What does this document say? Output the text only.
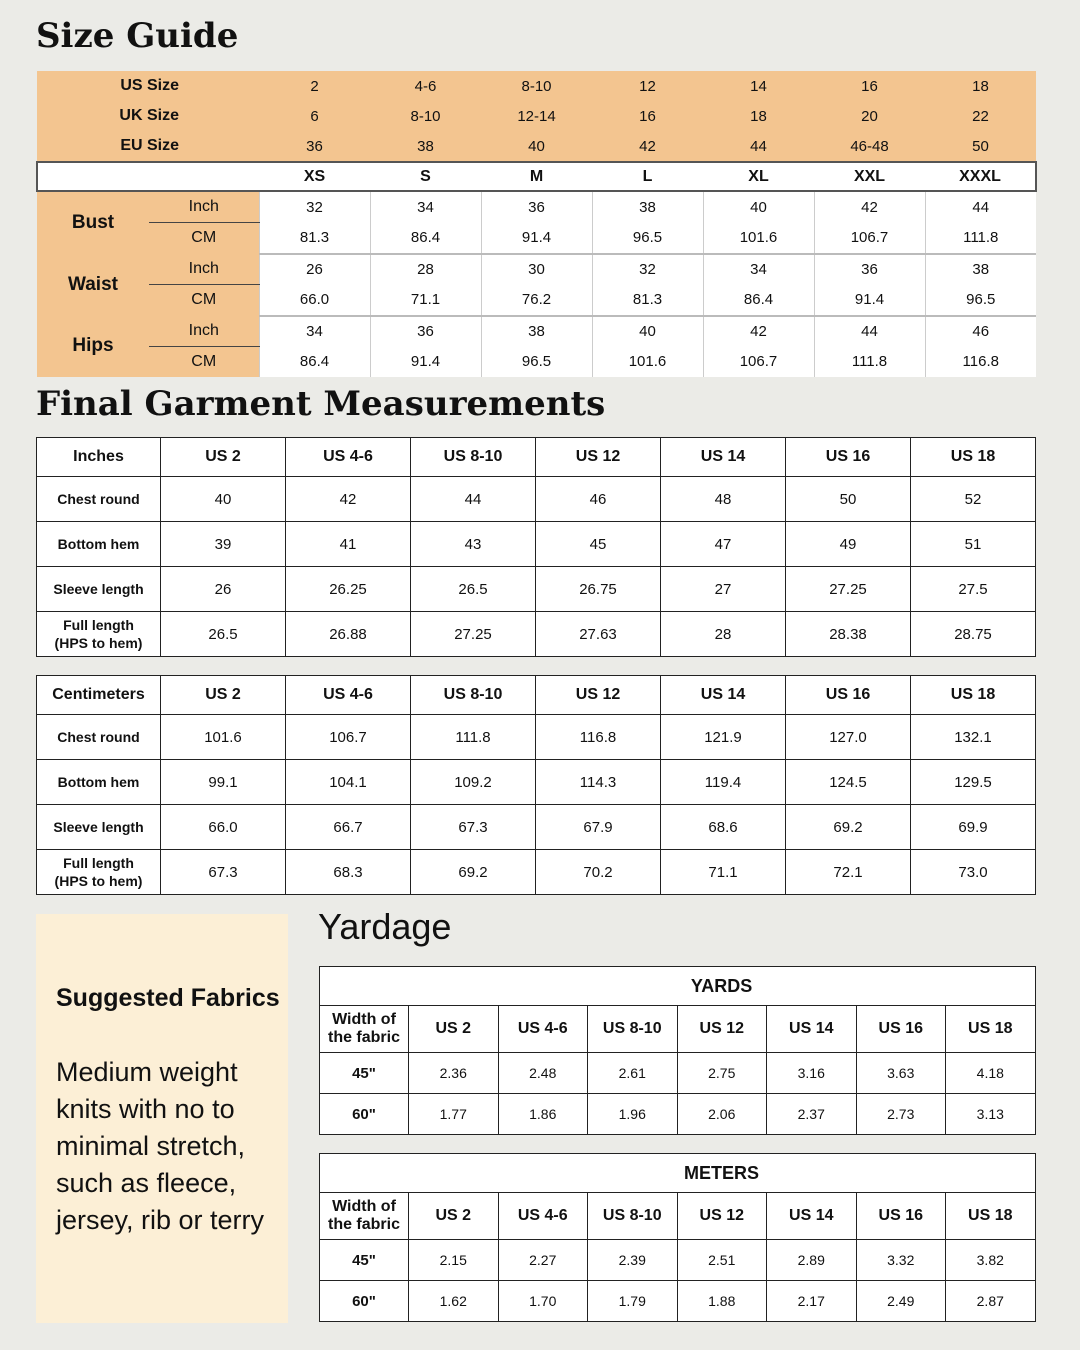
Size Guide
US Size		2	4-6	8-10	12	14	16	18
UK Size		6	8-10	12-14	16	18	20	22
EU Size		36	38	40	42	44	46-48	50
		XS	S	M	L	XL	XXL	XXXL
Bust	Inch	32	34	36	38	40	42	44
	CM	81.3	86.4	91.4	96.5	101.6	106.7	111.8
Waist	Inch	26	28	30	32	34	36	38
	CM	66.0	71.1	76.2	81.3	86.4	91.4	96.5
Hips	Inch	34	36	38	40	42	44	46
	CM	86.4	91.4	96.5	101.6	106.7	111.8	116.8
Final Garment Measurements
Inches	US 2	US 4-6	US 8-10	US 12	US 14	US 16	US 18

Chest round	40	42	44	46	48	50	52

Bottom hem	39	41	43	45	47	49	51

Sleeve length	26	26.25	26.5	26.75	27	27.25	27.5

Full length
(HPS to hem)	26.5	26.88	27.25	27.63	28	28.38	28.75
Centimeters	US 2	US 4-6	US 8-10	US 12	US 14	US 16	US 18

Chest round	101.6	106.7	111.8	116.8	121.9	127.0	132.1

Bottom hem	99.1	104.1	109.2	114.3	119.4	124.5	129.5

Sleeve length	66.0	66.7	67.3	67.9	68.6	69.2	69.9

Full length
(HPS to hem)	67.3	68.3	69.2	70.2	71.1	72.1	73.0
Suggested Fabrics
Medium weight knits with no to minimal stretch, such as fleece, jersey, rib or terry
Yardage
	YARDS						

Width of
the fabric	US 2	US 4-6	US 8-10	US 12	US 14	US 16	US 18
45"	2.36	2.48	2.61	2.75	3.16	3.63	4.18
60"	1.77	1.86	1.96	2.06	2.37	2.73	3.13
	METERS						

Width of
the fabric	US 2	US 4-6	US 8-10	US 12	US 14	US 16	US 18
45"	2.15	2.27	2.39	2.51	2.89	3.32	3.82
60"	1.62	1.70	1.79	1.88	2.17	2.49	2.87
